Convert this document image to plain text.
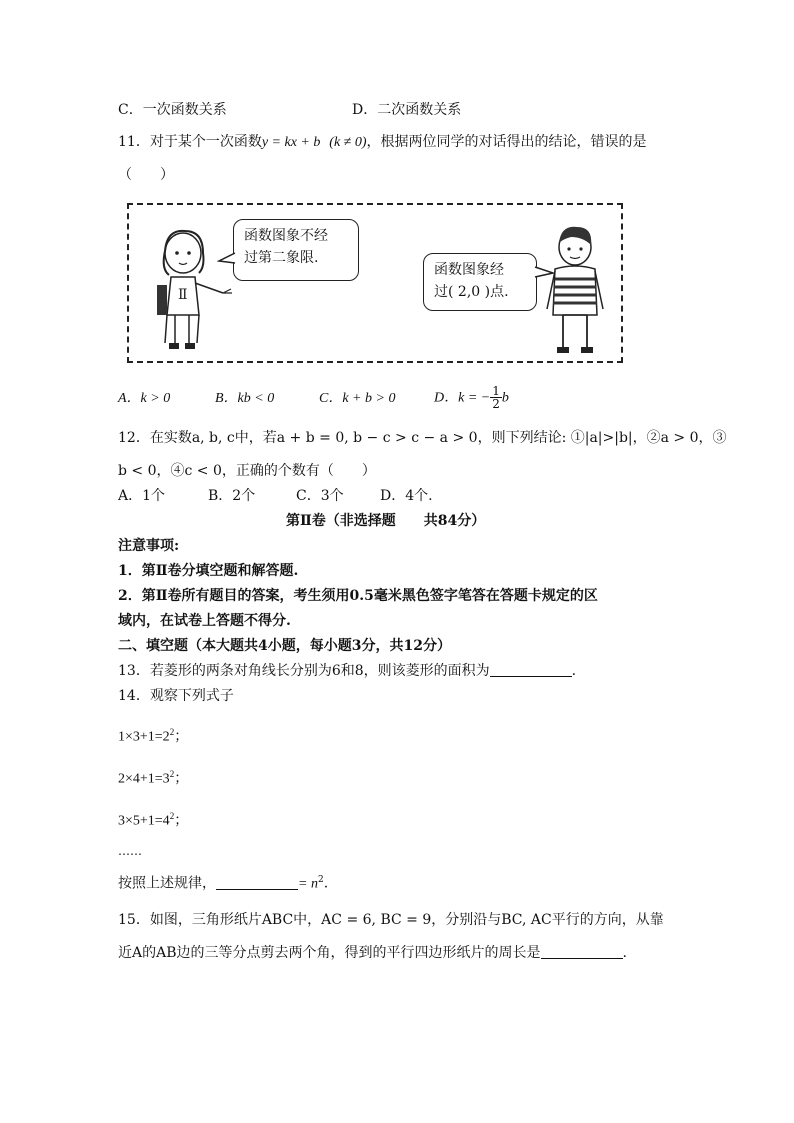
C．一次函数关系	D．二次函数关系
11．对于某个一次函数y = kx + b (k ≠ 0)，根据两位同学的对话得出的结论，错误的是
（　　）
Ⅱ
函数图象不经
过第二象限.
函数图象经
过( 2,0 )点.
A．k > 0	B．kb < 0	C．k + b > 0	D．k = − $\frac{1}{2}$ b
12．在实数a, b, c中，若a + b = 0, b − c > c − a > 0，则下列结论: ①|a|>|b|，②a > 0，③
b < 0，④c < 0，正确的个数有（　　）
A．1个	B．2个	C．3个	D．4个.
第Ⅱ卷（非选择题　　共84分）
注意事项:
1．第Ⅱ卷分填空题和解答题.
2．第Ⅱ卷所有题目的答案，考生须用0.5毫米黑色签字笔答在答题卡规定的区
域内，在试卷上答题不得分.
二、填空题（本大题共4小题，每小题3分，共12分）
13．若菱形的两条对角线长分别为6和8，则该菱形的面积为	.
14．观察下列式子
$1\times 3+1=2^2$；
$2\times 4+1=3^2$；
$3\times 5+1=4^2$；
……
按照上述规律，	= $n^2$.
15．如图，三角形纸片ABC中，AC = 6, BC = 9，分别沿与BC, AC平行的方向，从靠
近A的AB边的三等分点剪去两个角，得到的平行四边形纸片的周长是	.
